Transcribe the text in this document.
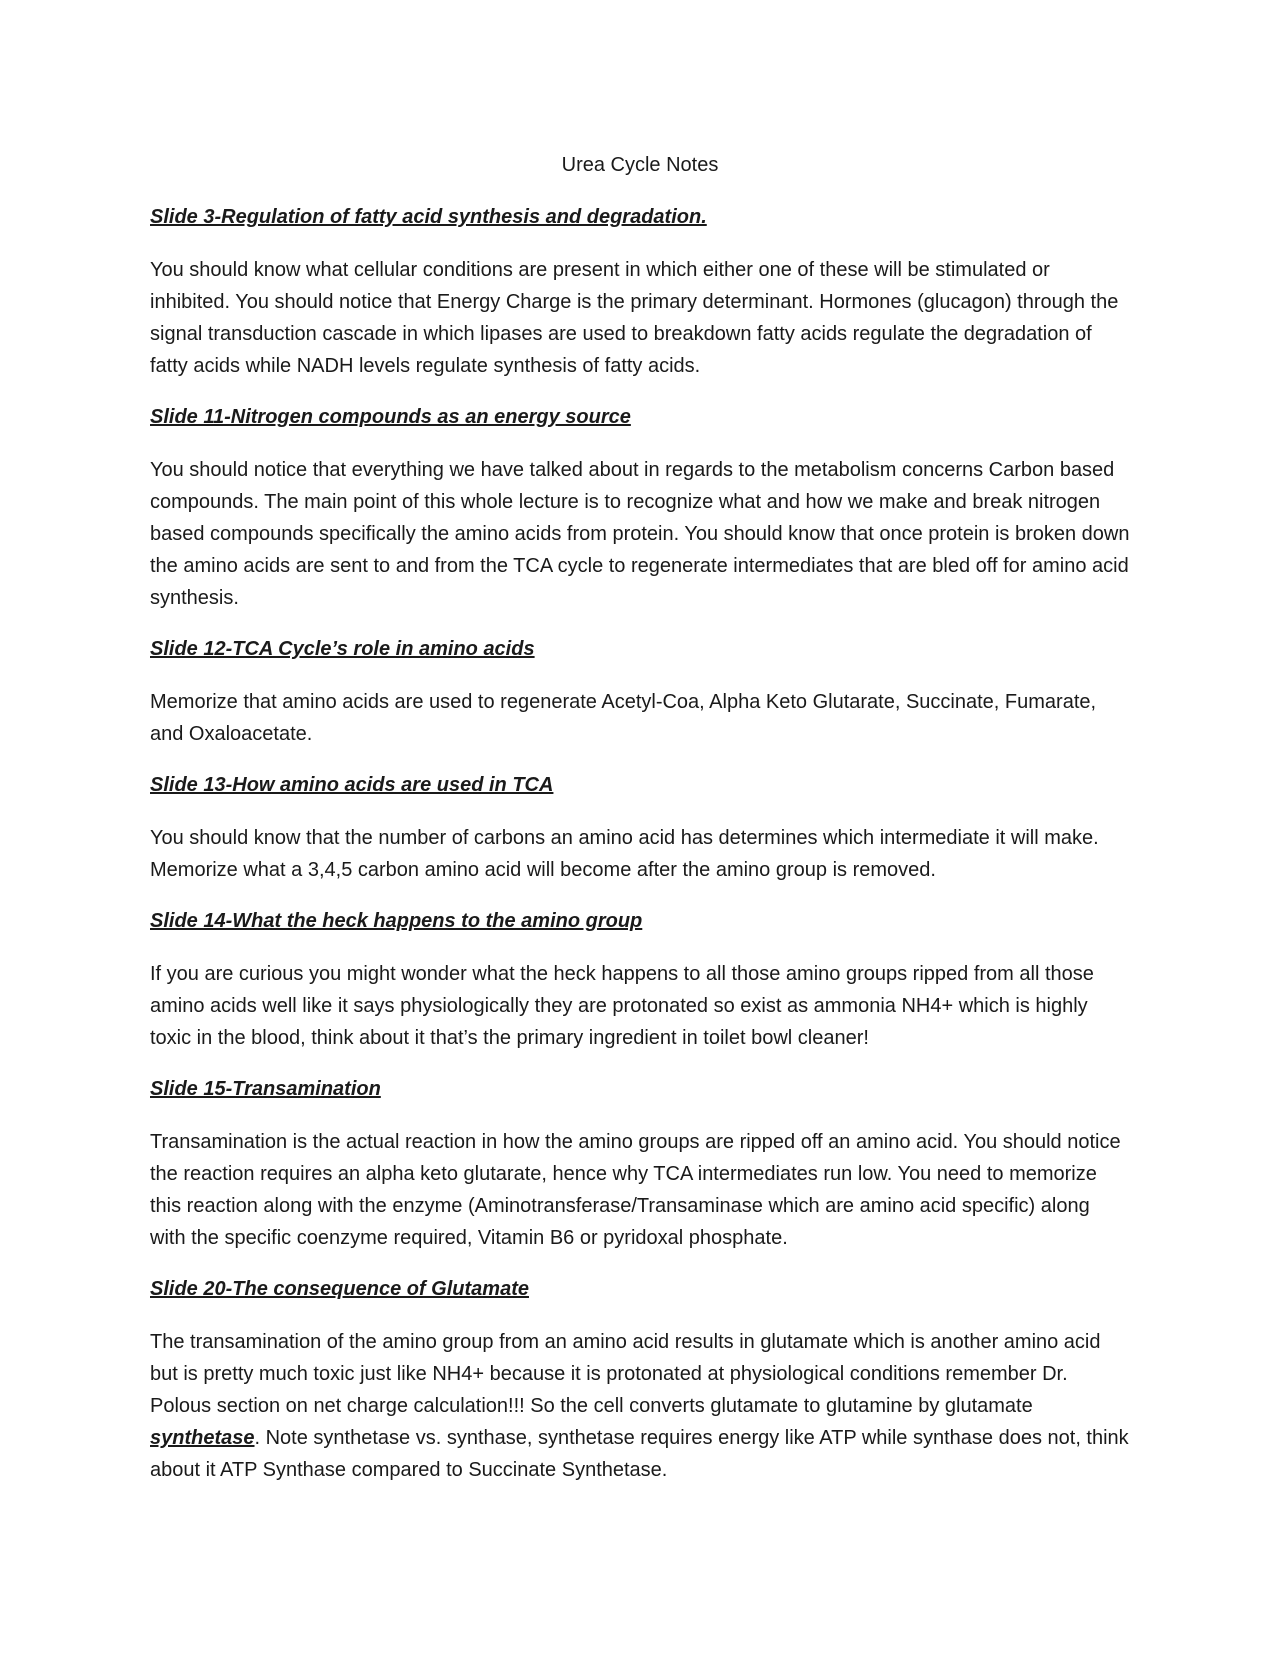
Urea Cycle Notes
Slide 3-Regulation of fatty acid synthesis and degradation.
You should know what cellular conditions are present in which either one of these will be stimulated or inhibited. You should notice that Energy Charge is the primary determinant. Hormones (glucagon) through the signal transduction cascade in which lipases are used to breakdown fatty acids regulate the degradation of fatty acids while NADH levels regulate synthesis of fatty acids.
Slide 11-Nitrogen compounds as an energy source
You should notice that everything we have talked about in regards to the metabolism concerns Carbon based compounds. The main point of this whole lecture is to recognize what and how we make and break nitrogen based compounds specifically the amino acids from protein. You should know that once protein is broken down the amino acids are sent to and from the TCA cycle to regenerate intermediates that are bled off for amino acid synthesis.
Slide 12-TCA Cycle’s role in amino acids
Memorize that amino acids are used to regenerate Acetyl-Coa, Alpha Keto Glutarate, Succinate, Fumarate, and Oxaloacetate.
Slide 13-How amino acids are used in TCA
You should know that the number of carbons an amino acid has determines which intermediate it will make. Memorize what a 3,4,5 carbon amino acid will become after the amino group is removed.
Slide 14-What the heck happens to the amino group
If you are curious you might wonder what the heck happens to all those amino groups ripped from all those amino acids well like it says physiologically they are protonated so exist as ammonia NH4+ which is highly toxic in the blood, think about it that’s the primary ingredient in toilet bowl cleaner!
Slide 15-Transamination
Transamination is the actual reaction in how the amino groups are ripped off an amino acid. You should notice the reaction requires an alpha keto glutarate, hence why TCA intermediates run low. You need to memorize this reaction along with the enzyme (Aminotransferase/Transaminase which are amino acid specific) along with the specific coenzyme required, Vitamin B6 or pyridoxal phosphate.
Slide 20-The consequence of Glutamate
The transamination of the amino group from an amino acid results in glutamate which is another amino acid but is pretty much toxic just like NH4+ because it is protonated at physiological conditions remember Dr. Polous section on net charge calculation!!! So the cell converts glutamate to glutamine by glutamate synthetase. Note synthetase vs. synthase, synthetase requires energy like ATP while synthase does not, think about it ATP Synthase compared to Succinate Synthetase.
